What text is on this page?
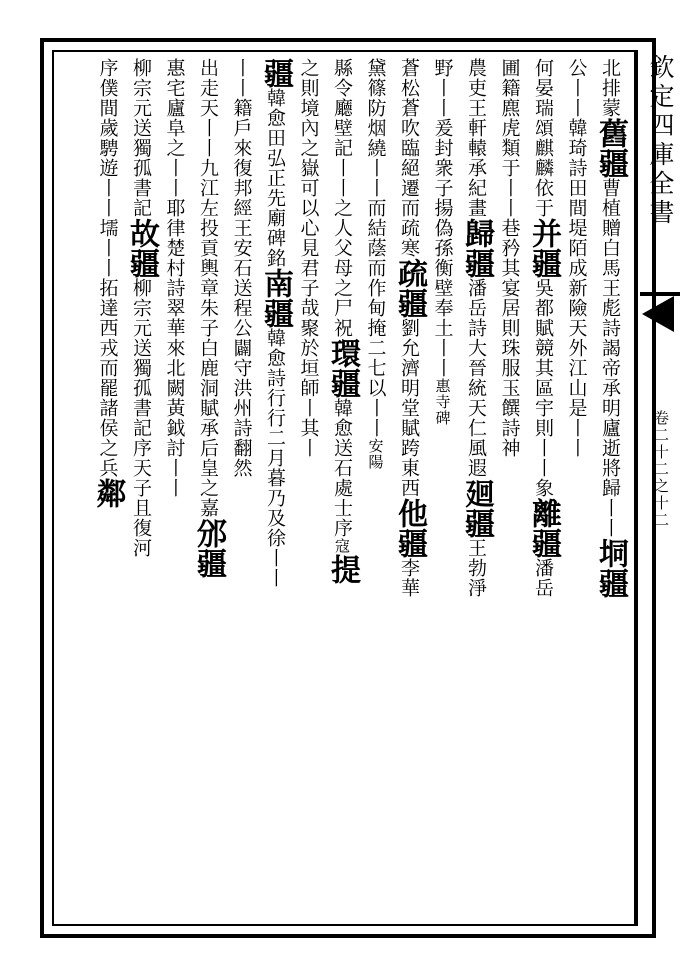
欽定四庫全書
卷二十二之十二
北排蒙舊疆曹植贈白馬王彪詩謁帝承明廬逝將歸丨丨垌疆
公丨丨韓琦詩田間堤陌成新險天外江山是丨丨
何晏瑞頌麒麟依于并疆吳都賦競其區宇則丨丨象離疆潘岳
圃籍麃虎類于丨丨巷矜其宴居則珠服玉饌詩神
農吏王軒轅承紀畫歸疆潘岳詩大晉統天仁風遐廻疆王勃淨
野丨丨爰封衆子揚偽孫衡壁奉土丨丨惠寺碑
蒼松蒼吹臨絕遷而疏寒疏疆劉允濟明堂賦跨東西他疆李華
黛篠防烟繞丨丨而結蔭而作甸掩二七以丨丨安陽
縣令廳壁記丨丨之人父母之尸祝環疆韓愈送石處士序寇提
之則境內之嶽可以心見君子哉聚於垣師丨其丨
疆韓愈田弘正先廟碑銘南疆韓愈詩行行二月暮乃及徐丨丨
丨丨籍戶來復邦經王安石送程公闢守洪州詩翻然
出走天丨丨九江左投貢輿章朱子白鹿洞賦承后皇之嘉邠疆
惠宅廬阜之丨丨耶律楚村詩翠華來北闕黃鉞討丨丨
柳宗元送獨孤書記故疆柳宗元送獨孤書記序天子且復河
序僕間歲騁遊丨丨壖丨丨拓達西戎而罷諸侯之兵鄰
